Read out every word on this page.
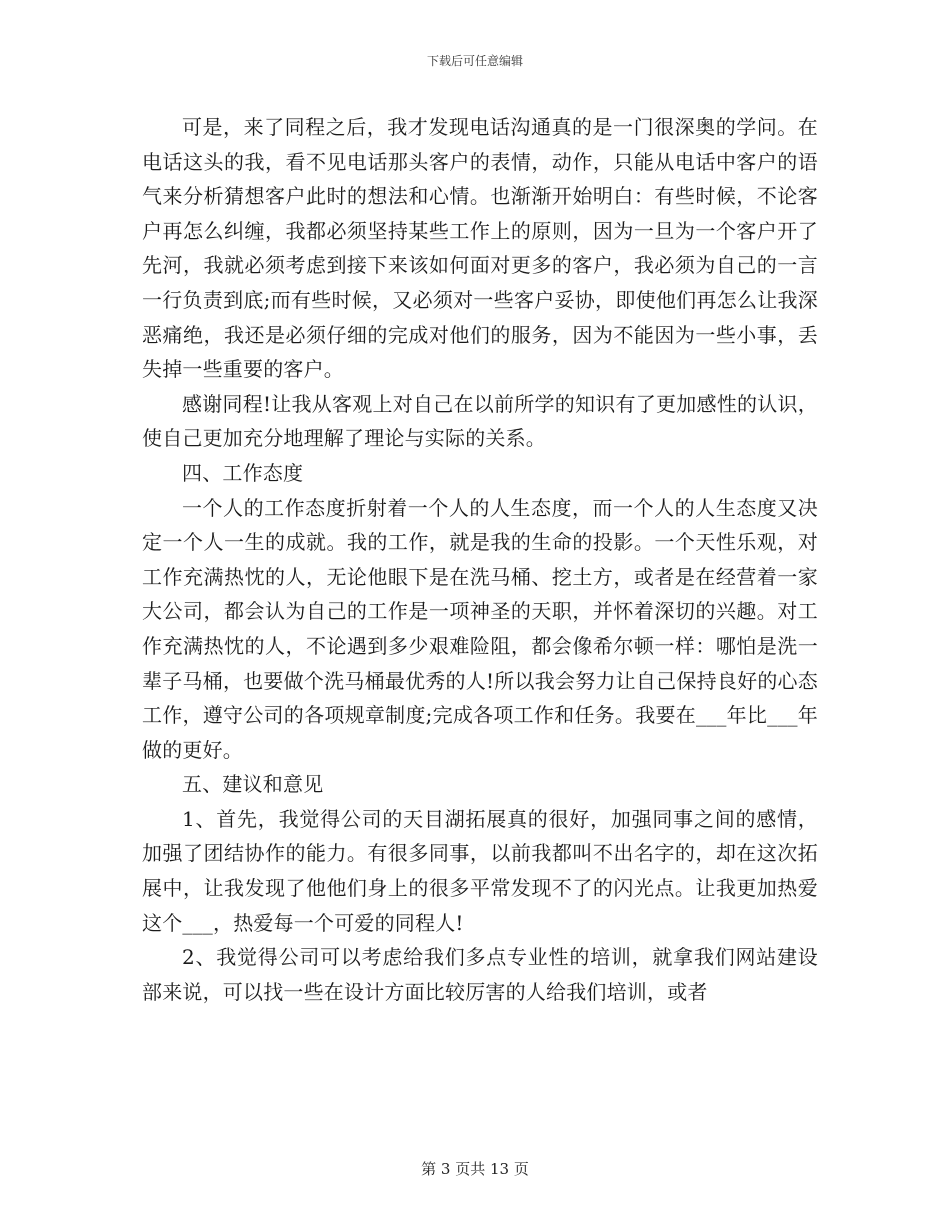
下载后可任意编辑

可是，来了同程之后，我才发现电话沟通真的是一门很深奥的学问。在电话这头的我，看不见电话那头客户的表情，动作，只能从电话中客户的语气来分析猜想客户此时的想法和心情。也渐渐开始明白：有些时候，不论客户再怎么纠缠，我都必须坚持某些工作上的原则，因为一旦为一个客户开了先河，我就必须考虑到接下来该如何面对更多的客户，我必须为自己的一言一行负责到底;而有些时候，又必须对一些客户妥协，即使他们再怎么让我深恶痛绝，我还是必须仔细的完成对他们的服务，因为不能因为一些小事，丢失掉一些重要的客户。

感谢同程!让我从客观上对自己在以前所学的知识有了更加感性的认识，使自己更加充分地理解了理论与实际的关系。

四、工作态度

一个人的工作态度折射着一个人的人生态度，而一个人的人生态度又决定一个人一生的成就。我的工作，就是我的生命的投影。一个天性乐观，对工作充满热忱的人，无论他眼下是在洗马桶、挖土方，或者是在经营着一家大公司，都会认为自己的工作是一项神圣的天职，并怀着深切的兴趣。对工作充满热忱的人，不论遇到多少艰难险阻，都会像希尔顿一样：哪怕是洗一辈子马桶，也要做个洗马桶最优秀的人!所以我会努力让自己保持良好的心态工作，遵守公司的各项规章制度;完成各项工作和任务。我要在___年比___年做的更好。

五、建议和意见

1、首先，我觉得公司的天目湖拓展真的很好，加强同事之间的感情，加强了团结协作的能力。有很多同事，以前我都叫不出名字的，却在这次拓展中，让我发现了他他们身上的很多平常发现不了的闪光点。让我更加热爱这个___，热爱每一个可爱的同程人!

2、我觉得公司可以考虑给我们多点专业性的培训，就拿我们网站建设部来说，可以找一些在设计方面比较厉害的人给我们培训，或者

第 3 页共 13 页
